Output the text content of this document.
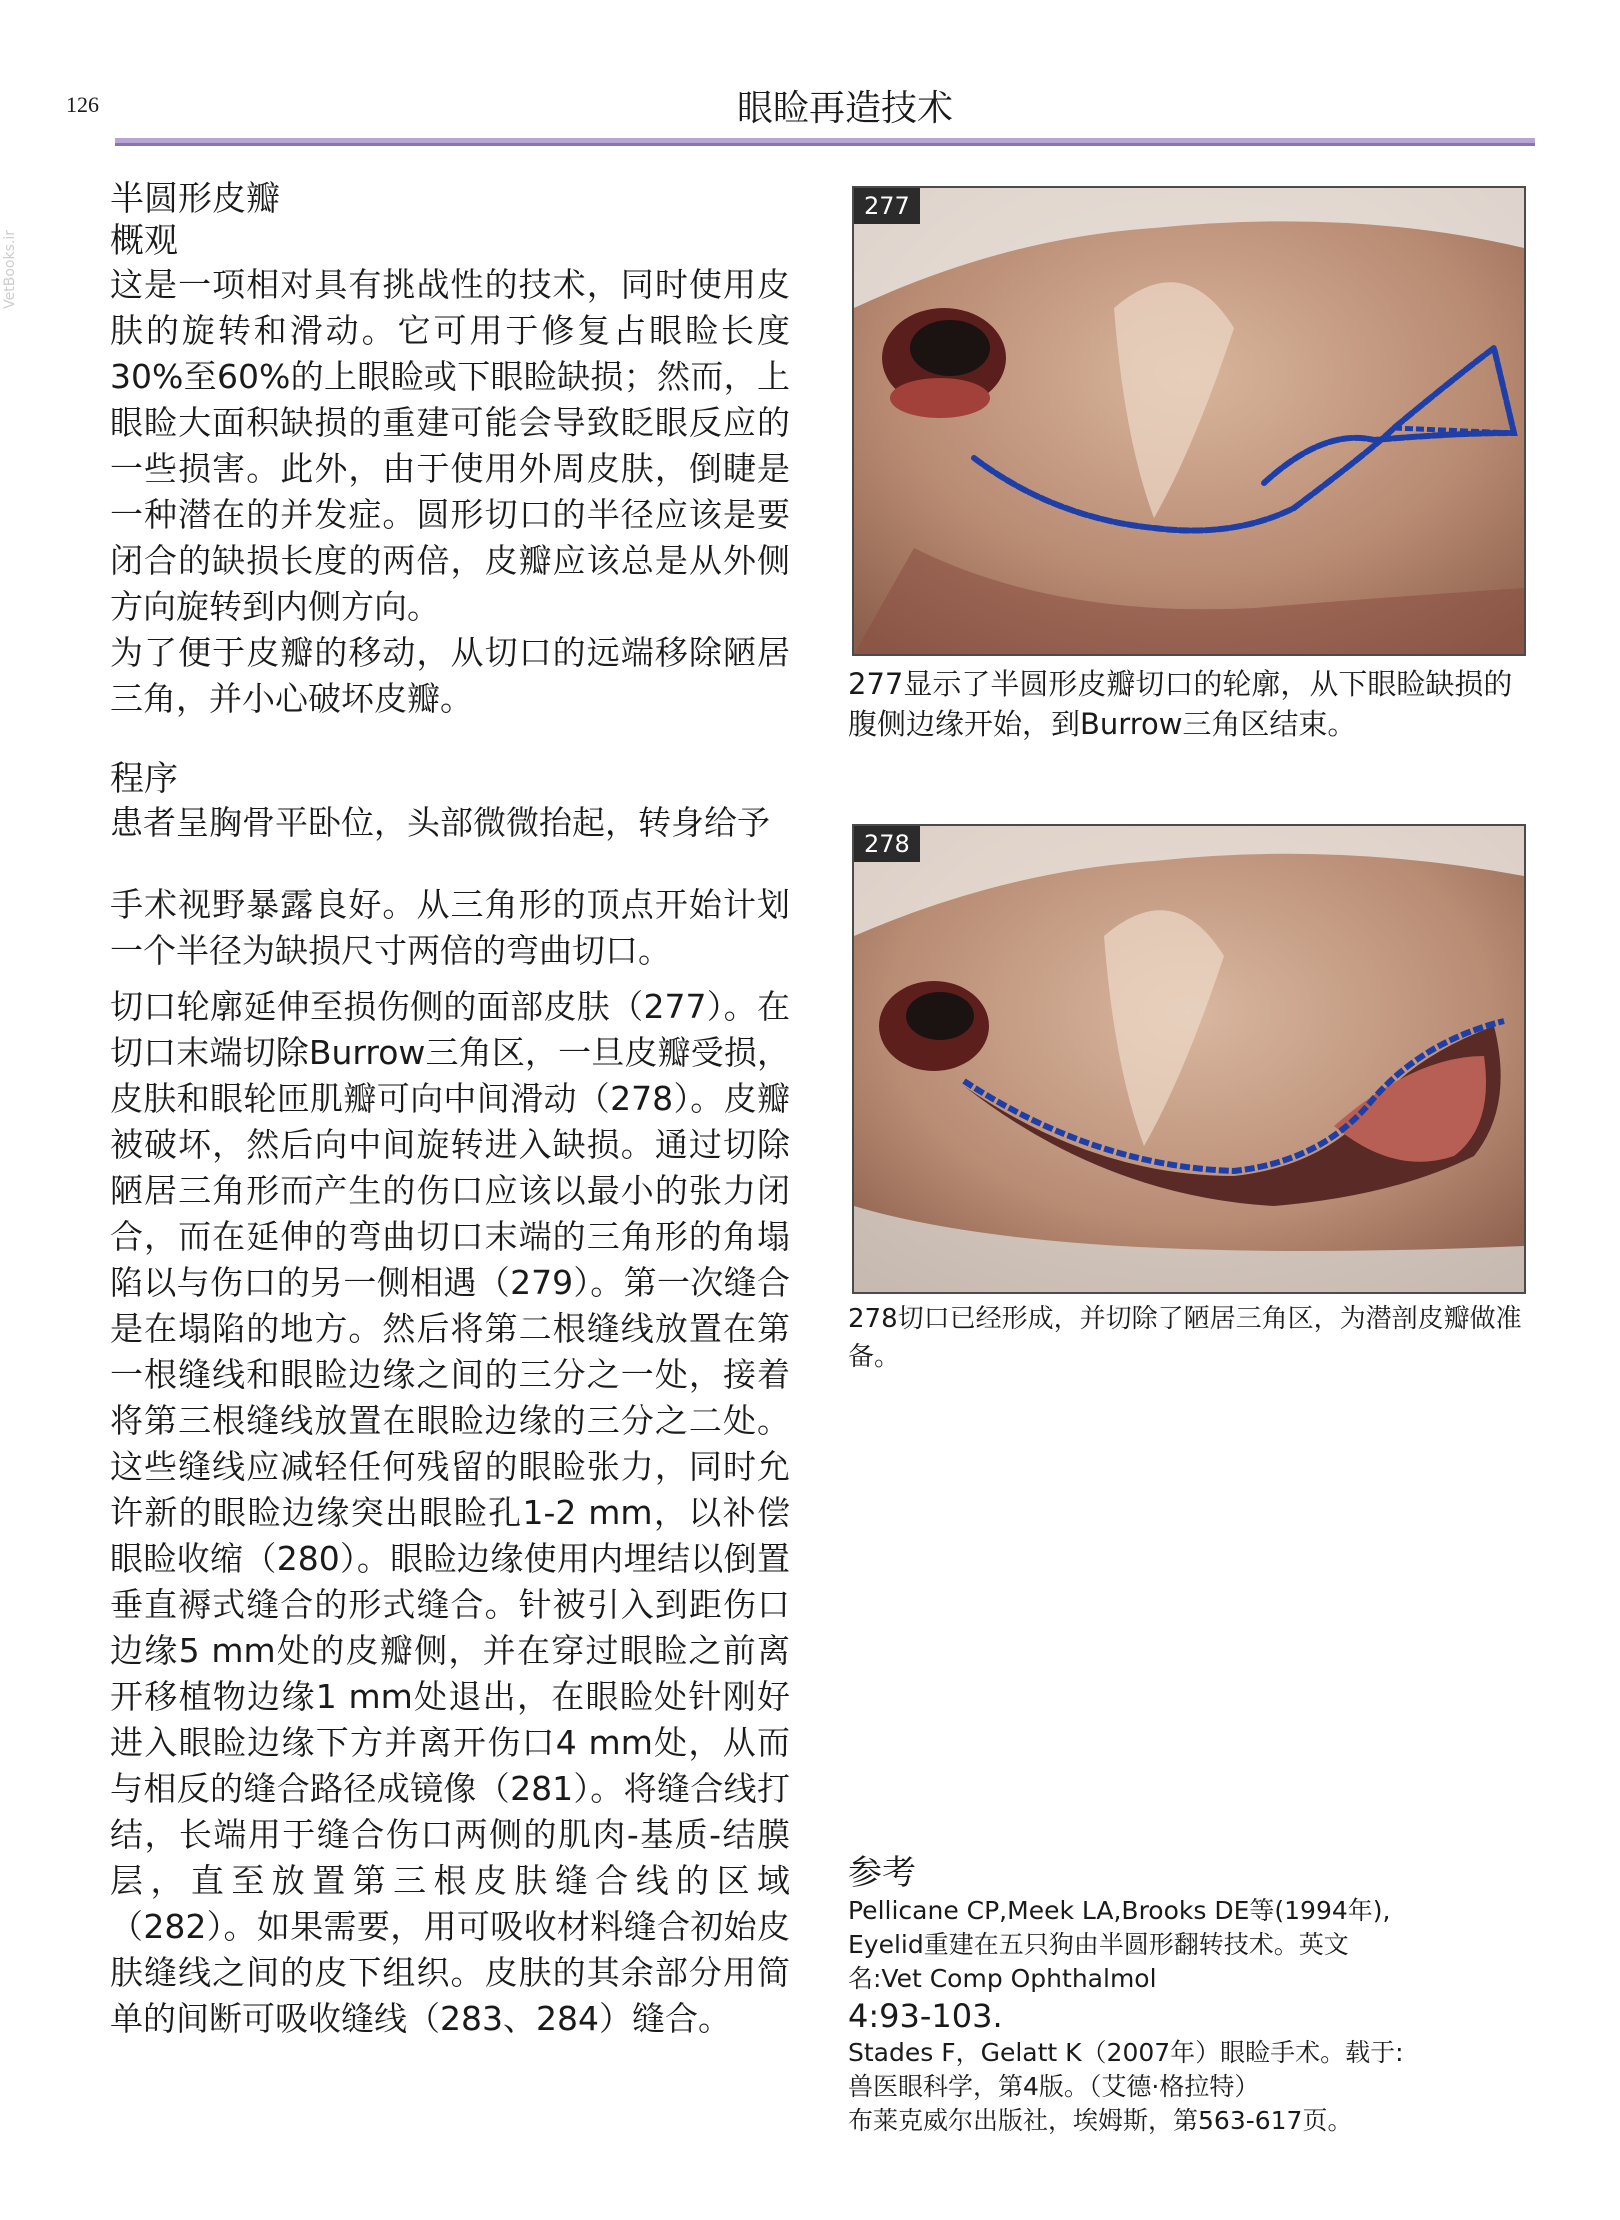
126	眼睑再造技术
VetBooks.ir
半圆形皮瓣
概观

这是一项相对具有挑战性的技术，同时使用皮肤的旋转和滑动。它可用于修复占眼睑长度30%至60%的上眼睑或下眼睑缺损；然而，上眼睑大面积缺损的重建可能会导致眨眼反应的一些损害。此外，由于使用外周皮肤，倒睫是一种潜在的并发症。圆形切口的半径应该是要闭合的缺损长度的两倍，皮瓣应该总是从外侧方向旋转到内侧方向。

为了便于皮瓣的移动，从切口的远端移除陋居三角，并小心破坏皮瓣。

程序

患者呈胸骨平卧位，头部微微抬起，转身给予

手术视野暴露良好。从三角形的顶点开始计划一个半径为缺损尺寸两倍的弯曲切口。

切口轮廓延伸至损伤侧的面部皮肤（277）。在切口末端切除Burrow三角区，一旦皮瓣受损，皮肤和眼轮匝肌瓣可向中间滑动（278）。皮瓣被破坏，然后向中间旋转进入缺损。通过切除陋居三角形而产生的伤口应该以最小的张力闭合，而在延伸的弯曲切口末端的三角形的角塌陷以与伤口的另一侧相遇（279）。第一次缝合是在塌陷的地方。然后将第二根缝线放置在第一根缝线和眼睑边缘之间的三分之一处，接着将第三根缝线放置在眼睑边缘的三分之二处。这些缝线应减轻任何残留的眼睑张力，同时允许新的眼睑边缘突出眼睑孔1-2 mm，以补偿眼睑收缩（280）。眼睑边缘使用内埋结以倒置垂直褥式缝合的形式缝合。针被引入到距伤口边缘5 mm处的皮瓣侧，并在穿过眼睑之前离开移植物边缘1 mm处退出，在眼睑处针刚好进入眼睑边缘下方并离开伤口4 mm处，从而与相反的缝合路径成镜像（281）。将缝合线打结，长端用于缝合伤口两侧的肌肉-基质-结膜层，直至放置第三根皮肤缝合线的区域（282）。如果需要，用可吸收材料缝合初始皮肤缝线之间的皮下组织。皮肤的其余部分用简单的间断可吸收缝线（283、284）缝合。

277
277显示了半圆形皮瓣切口的轮廓，从下眼睑缺损的腹侧边缘开始，到Burrow三角区结束。
278
278切口已经形成，并切除了陋居三角区，为潜剖皮瓣做准备。
参考
Pellicane CP,Meek LA,Brooks DE等(1994年),
Eyelid重建在五只狗由半圆形翻转技术。英文
名:Vet Comp Ophthalmol
4:93-103.
Stades F，Gelatt K（2007年）眼睑手术。载于:
兽医眼科学，第4版。（艾德·格拉特）
布莱克威尔出版社，埃姆斯，第563-617页。
